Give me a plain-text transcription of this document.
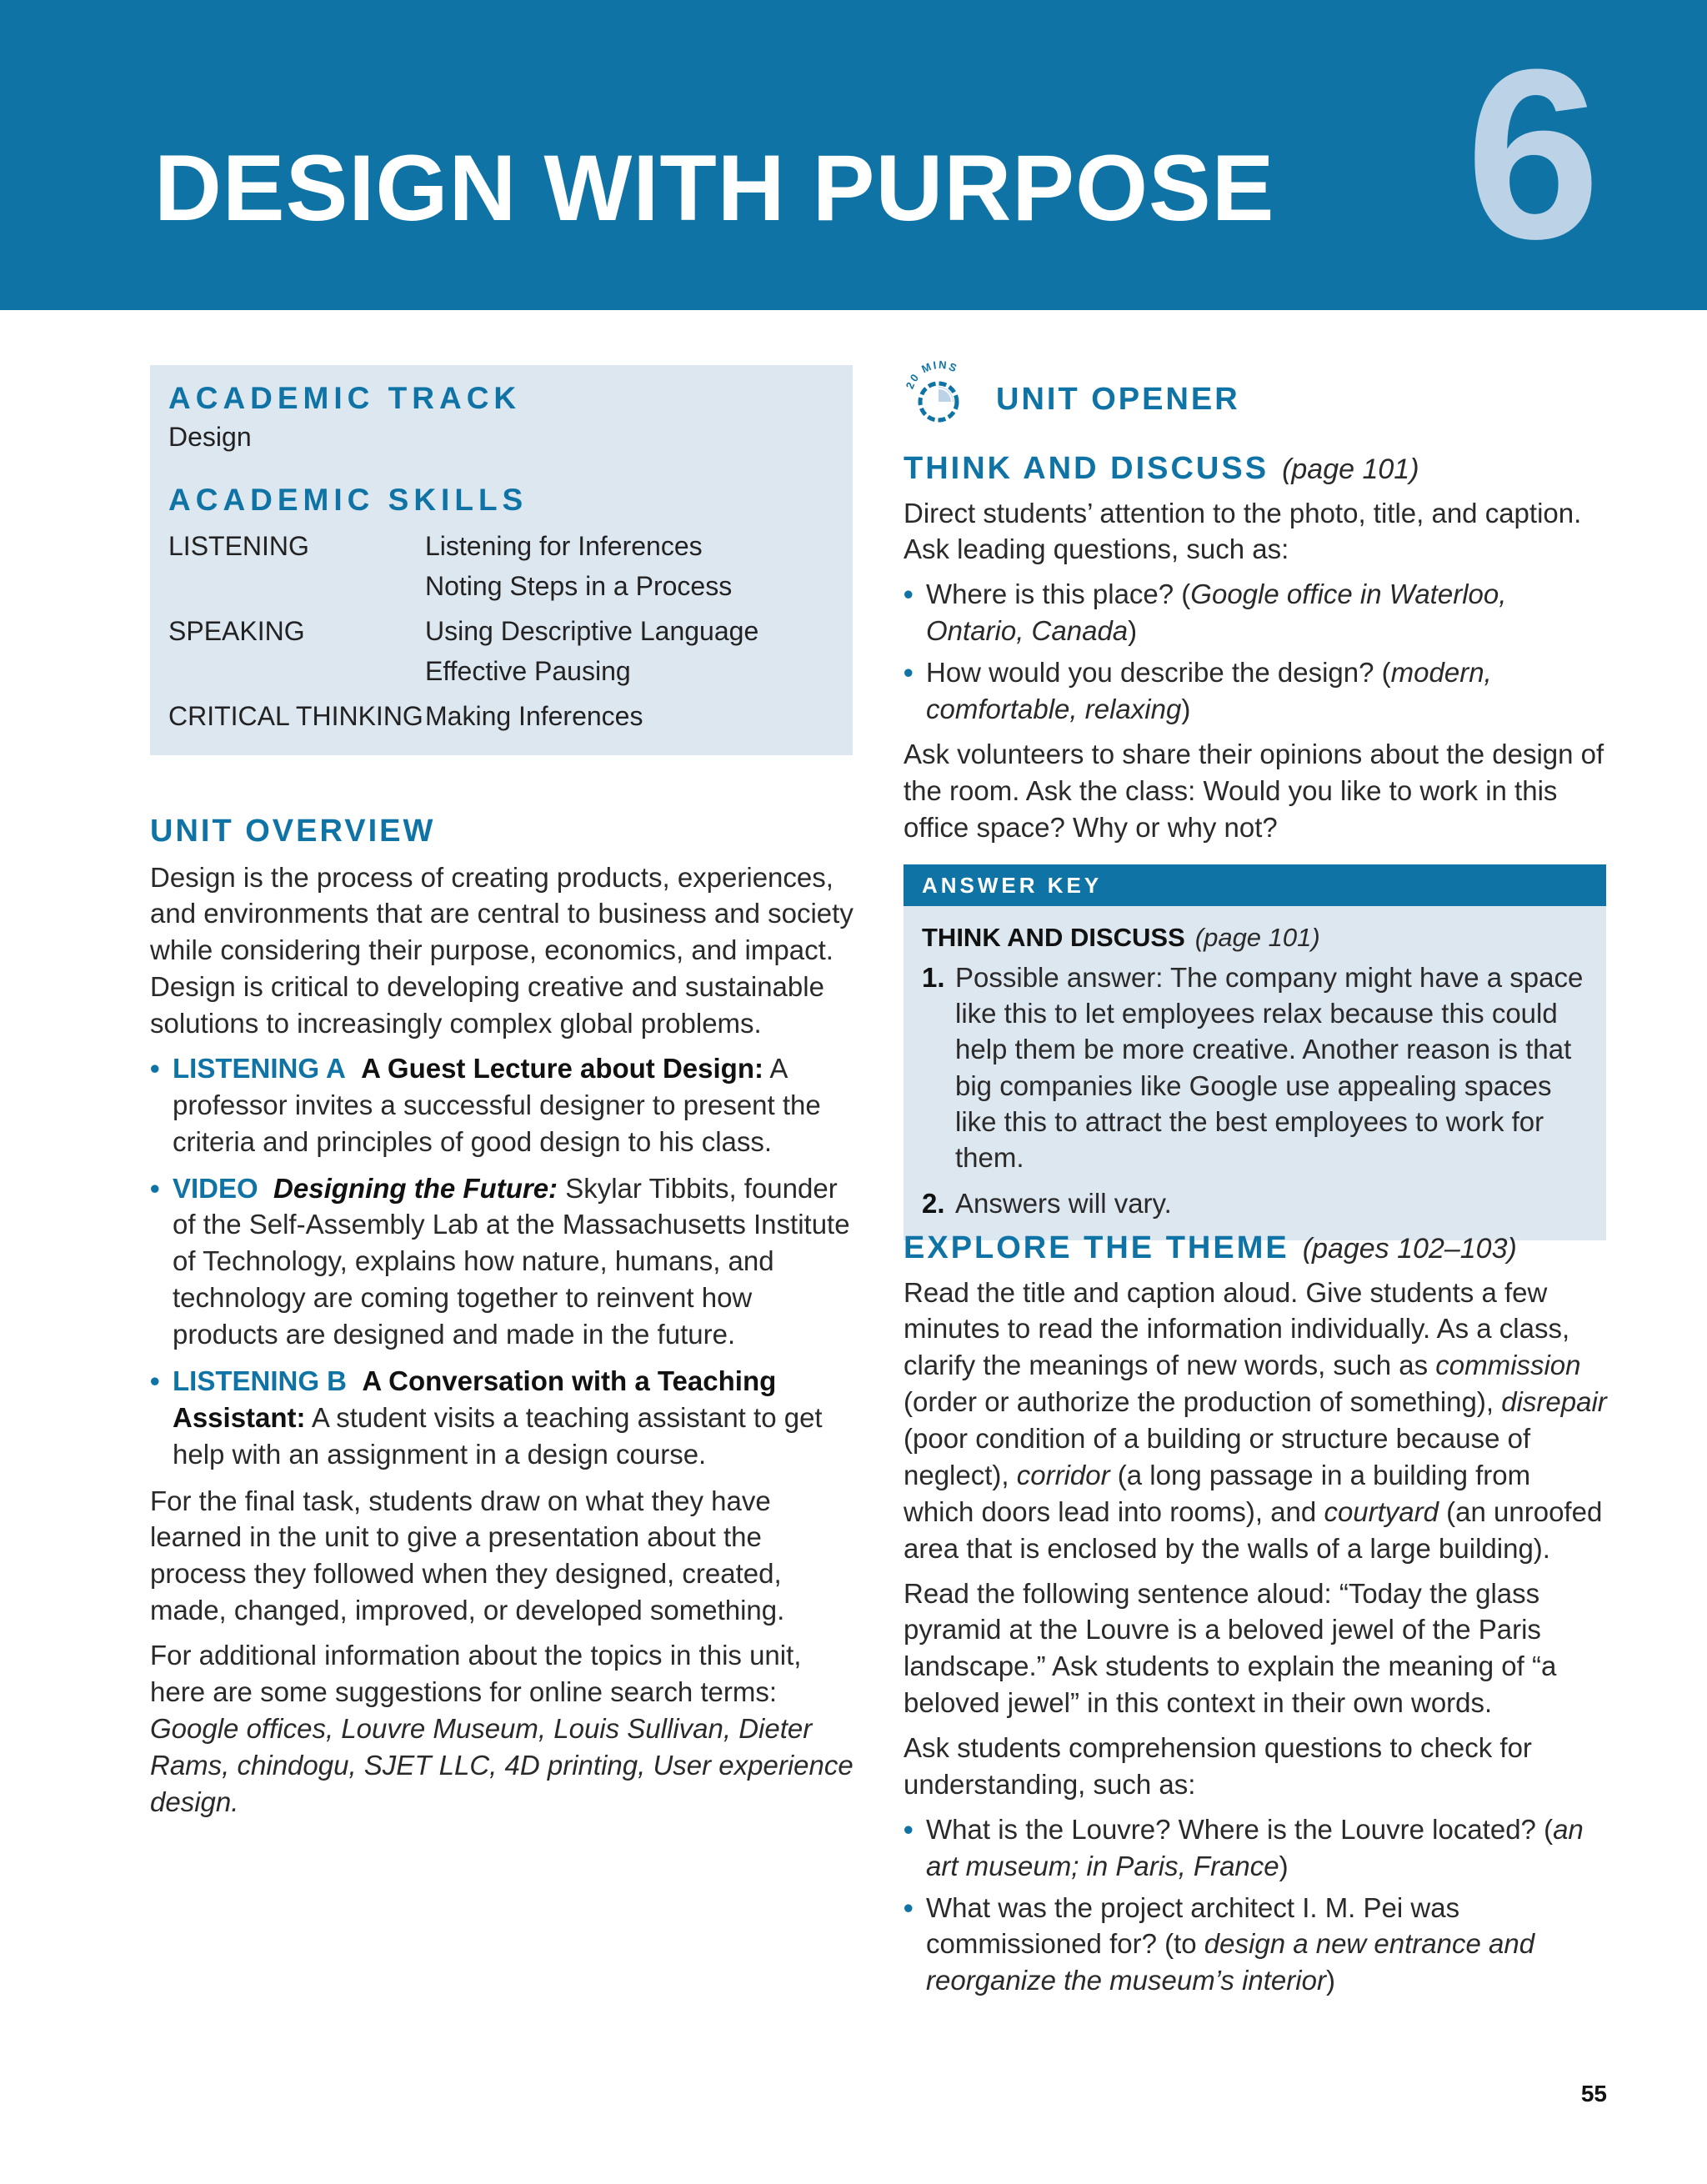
DESIGN WITH PURPOSE 6
ACADEMIC TRACK
Design
ACADEMIC SKILLS
LISTENING	Listening for Inferences
Noting Steps in a Process
SPEAKING	Using Descriptive Language
Effective Pausing
CRITICAL THINKING Making Inferences
UNIT OVERVIEW

Design is the process of creating products, experiences, and environments that are central to business and society while considering their purpose, economics, and impact. Design is critical to developing creative and sustainable solutions to increasingly complex global problems.

• LISTENING A A Guest Lecture about Design: A professor invites a successful designer to present the criteria and principles of good design to his class.
• VIDEO Designing the Future: Skylar Tibbits, founder of the Self-Assembly Lab at the Massachusetts Institute of Technology, explains how nature, humans, and technology are coming together to reinvent how products are designed and made in the future.
• LISTENING B A Conversation with a Teaching Assistant: A student visits a teaching assistant to get help with an assignment in a design course.

For the final task, students draw on what they have learned in the unit to give a presentation about the process they followed when they designed, created, made, changed, improved, or developed something.

For additional information about the topics in this unit, here are some suggestions for online search terms: Google offices, Louvre Museum, Louis Sullivan, Dieter Rams, chindogu, SJET LLC, 4D printing, User experience design.

20 MINS
UNIT OPENER
THINK AND DISCUSS (page 101)

Direct students’ attention to the photo, title, and caption. Ask leading questions, such as:

• Where is this place? (Google office in Waterloo, Ontario, Canada)
• How would you describe the design? (modern, comfortable, relaxing)

Ask volunteers to share their opinions about the design of the room. Ask the class: Would you like to work in this office space? Why or why not?

ANSWER KEY
THINK AND DISCUSS (page 101)
1. Possible answer: The company might have a space like this to let employees relax because this could help them be more creative. Another reason is that big companies like Google use appealing spaces like this to attract the best employees to work for them.
2. Answers will vary.
EXPLORE THE THEME (pages 102–103)

Read the title and caption aloud. Give students a few minutes to read the information individually. As a class, clarify the meanings of new words, such as commission (order or authorize the production of something), disrepair (poor condition of a building or structure because of neglect), corridor (a long passage in a building from which doors lead into rooms), and courtyard (an unroofed area that is enclosed by the walls of a large building).

Read the following sentence aloud: “Today the glass pyramid at the Louvre is a beloved jewel of the Paris landscape.” Ask students to explain the meaning of “a beloved jewel” in this context in their own words.

Ask students comprehension questions to check for understanding, such as:

• What is the Louvre? Where is the Louvre located? (an art museum; in Paris, France)
• What was the project architect I. M. Pei was commissioned for? (to design a new entrance and reorganize the museum’s interior)
55
